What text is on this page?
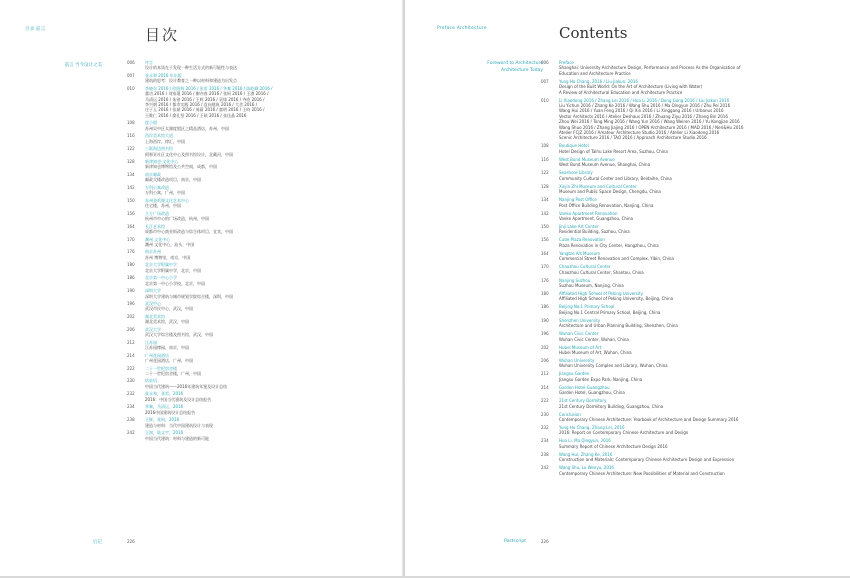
目录 前言	目次
前言 当今设计之美
006	序言
设计的本质在于发现一种生活方式的新可能性与表达
007	张永和 2016 年出版
建筑的思考：设计教育之一种以材料和建造为出发点
010	李晓东 2016 / 欧阳辉 2016 / 张雷 2016 / 华黎 2016 / 陈屹峰 2016 /
董功 2016 / 刘家琨 2016 / 柳亦春 2016 / 张轲 2016 / 王澍 2016 /
马清运 2016 / 朱锫 2016 / 王辉 2016 / 袁烽 2016 / 齐欣 2016 /
李兴钢 2016 / 都市实践 2016 / 直向建筑 2016 / 大舍 2016 /
庄子玉 2016 / 张斌 2016 / 周蔚 2016 / 童明 2016 / 王昀 2016 /
王维仁 2016 / 俞孔坚 2016 / 王硕 2016 / 张佳晶 2016
108	度小假
苏州吴中区太湖度假区之精品酒店，苏州，中国
116	西岸美术馆大道
上海西岸，徐汇，中国
122	三联海边图书馆
阿那亚社区文化中心及图书馆设计，北戴河，中国
128	新津知也·文化中心
新津知也博物馆及公共空间，成都，中国
134	南京邮政
邮政大楼改造项目，南京，中国
142	万科公寓改造
万科公寓，广州，中国
150	苏州金鸡湖文化艺术中心
住宅楼，苏州，中国
156	立方广场改造
杭州市中心的广场改造，杭州，中国
164	长江艺术馆
成都市中心商业街改造与综合体项目，宜宾，中国
170	潮州 文化中心
潮州 文化中心，汕头，中国
176	南京苏州
苏州 博物馆，南京，中国
180	北京大学附属中学
北京大学附属中学，北京，中国
186	北京第一中心小学
北京第一中心小学校，北京，中国
190	深圳大学
深圳大学建筑与城市规划学院综合楼，深圳，中国
196	武汉中心
武汉市民中心，武汉，中国
202	湖北美术馆
湖北美术馆，武汉，中国
206	武汉大学
武汉大学综合楼及图书馆，武汉，中国
212	江苏园
江苏园博园，南京，中国
214	广州花园酒店
广州花园酒店，广州，中国
222	二十一世纪宿舍楼
二十一世纪宿舍楼，广州，中国
230	结束语
中国当代建筑——2016年建筑年鉴及设计总结
232	张永和，张雷，2016
2016：中国当代建筑及设计总结报告
234	华黎，马清运，2016
2016中国建筑设计总结报告
238	王辉，张轲，2016
建造与材料：当代中国建筑设计与表现
242	王澍，陆文宇，2016
中国当代建筑：材料与建造的新可能
后记	226
Preface Architecture	Contents
Foreword to Architecture
Architecture Today
006	Preface
Shanghai: University Architecture Design, Performance and Process As the Organisation of
Education and Architecture Practice
007	Yung Ho Chang, 2016 / Liu Jiakun, 2016
Design of the Built World: On the Art of Architecture (Living with Water)
A Review of Architectural Education and Architecture Practice
010	Li Xiaodong 2016 / Zhang Lei 2016 / Hua Li 2016 / Dong Gong 2016 / Liu Jiakun 2016
Liu Yichun 2016 / Zhang Ke 2016 / Wang Shu 2016 / Ma Qingyun 2016 / Zhu Pei 2016
Wang Hui 2016 / Yuan Feng 2016 / Qi Xin 2016 / Li Xinggang 2016 / Urbanus 2016
Vector Architects 2016 / Atelier Deshaus 2016 / Zhuang Ziyu 2016 / Zhang Bin 2016
Zhou Wei 2016 / Tong Ming 2016 / Wang Yun 2016 / Wang Weiren 2016 / Yu Kongjian 2016
Wang Shuo 2016 / Zhang Jiajing 2016 / OPEN Architecture 2016 / MAD 2016 / Neri&Hu 2016
Atelier FCJZ 2016 / Amateur Architecture Studio 2016 / Atelier Li Xiaodong 2016
Scenic Architecture 2016 / TAO 2016 / Approach Architecture Studio 2016
108	Boutique Hotel
Hotel Design of Taihu Lake Resort Area, Suzhou, China
116	West Bund Museum Avenue
West Bund Museum Avenue, Shanghai, China
122	Seashore Library
Community Cultural Center and Library, Beidaihe, China
128	Xinjin Zhi Museum and Cultural Center
Museum and Public Space Design, Chengdu, China
134	Nanjing Post Office
Post Office Building Renovation, Nanjing, China
142	Vanke Apartment Renovation
Vanke Apartment, Guangzhou, China
150	Jinji Lake Art Center
Residential Building, Suzhou, China
156	Cube Plaza Renovation
Plaza Renovation in City Center, Hangzhou, China
164	Yangtze Art Museum
Commercial Street Renovation and Complex, Yibin, China
170	Chaozhou Cultural Center
Chaozhou Cultural Center, Shantou, China
176	Nanjing Suzhou
Suzhou Museum, Nanjing, China
180	Affiliated High School of Peking University
Affiliated High School of Peking University, Beijing, China
186	Beijing No.1 Primary School
Beijing No.1 Central Primary School, Beijing, China
190	Shenzhen University
Architecture and Urban Planning Building, Shenzhen, China
196	Wuhan Civic Center
Wuhan Civic Center, Wuhan, China
202	Hubei Museum of Art
Hubei Museum of Art, Wuhan, China
206	Wuhan University
Wuhan University Complex and Library, Wuhan, China
212	Jiangsu Garden
Jiangsu Garden Expo Park, Nanjing, China
214	Garden Hotel Guangzhou
Garden Hotel, Guangzhou, China
222	21st Century Dormitory
21st Century Dormitory Building, Guangzhou, China
230	Conclusion
Contemporary Chinese Architecture: Yearbook of Architecture and Design Summary 2016
232	Yung Ho Chang, Zhang Lei, 2016
2016: Report on Contemporary Chinese Architecture and Design
234	Hua Li, Ma Qingyun, 2016
Summary Report of Chinese Architecture Design 2016
238	Wang Hui, Zhang Ke, 2016
Construction and Materials: Contemporary Chinese Architecture Design and Expression
242	Wang Shu, Lu Wenyu, 2016
Contemporary Chinese Architecture: New Possibilities of Material and Construction
Postscript	226
